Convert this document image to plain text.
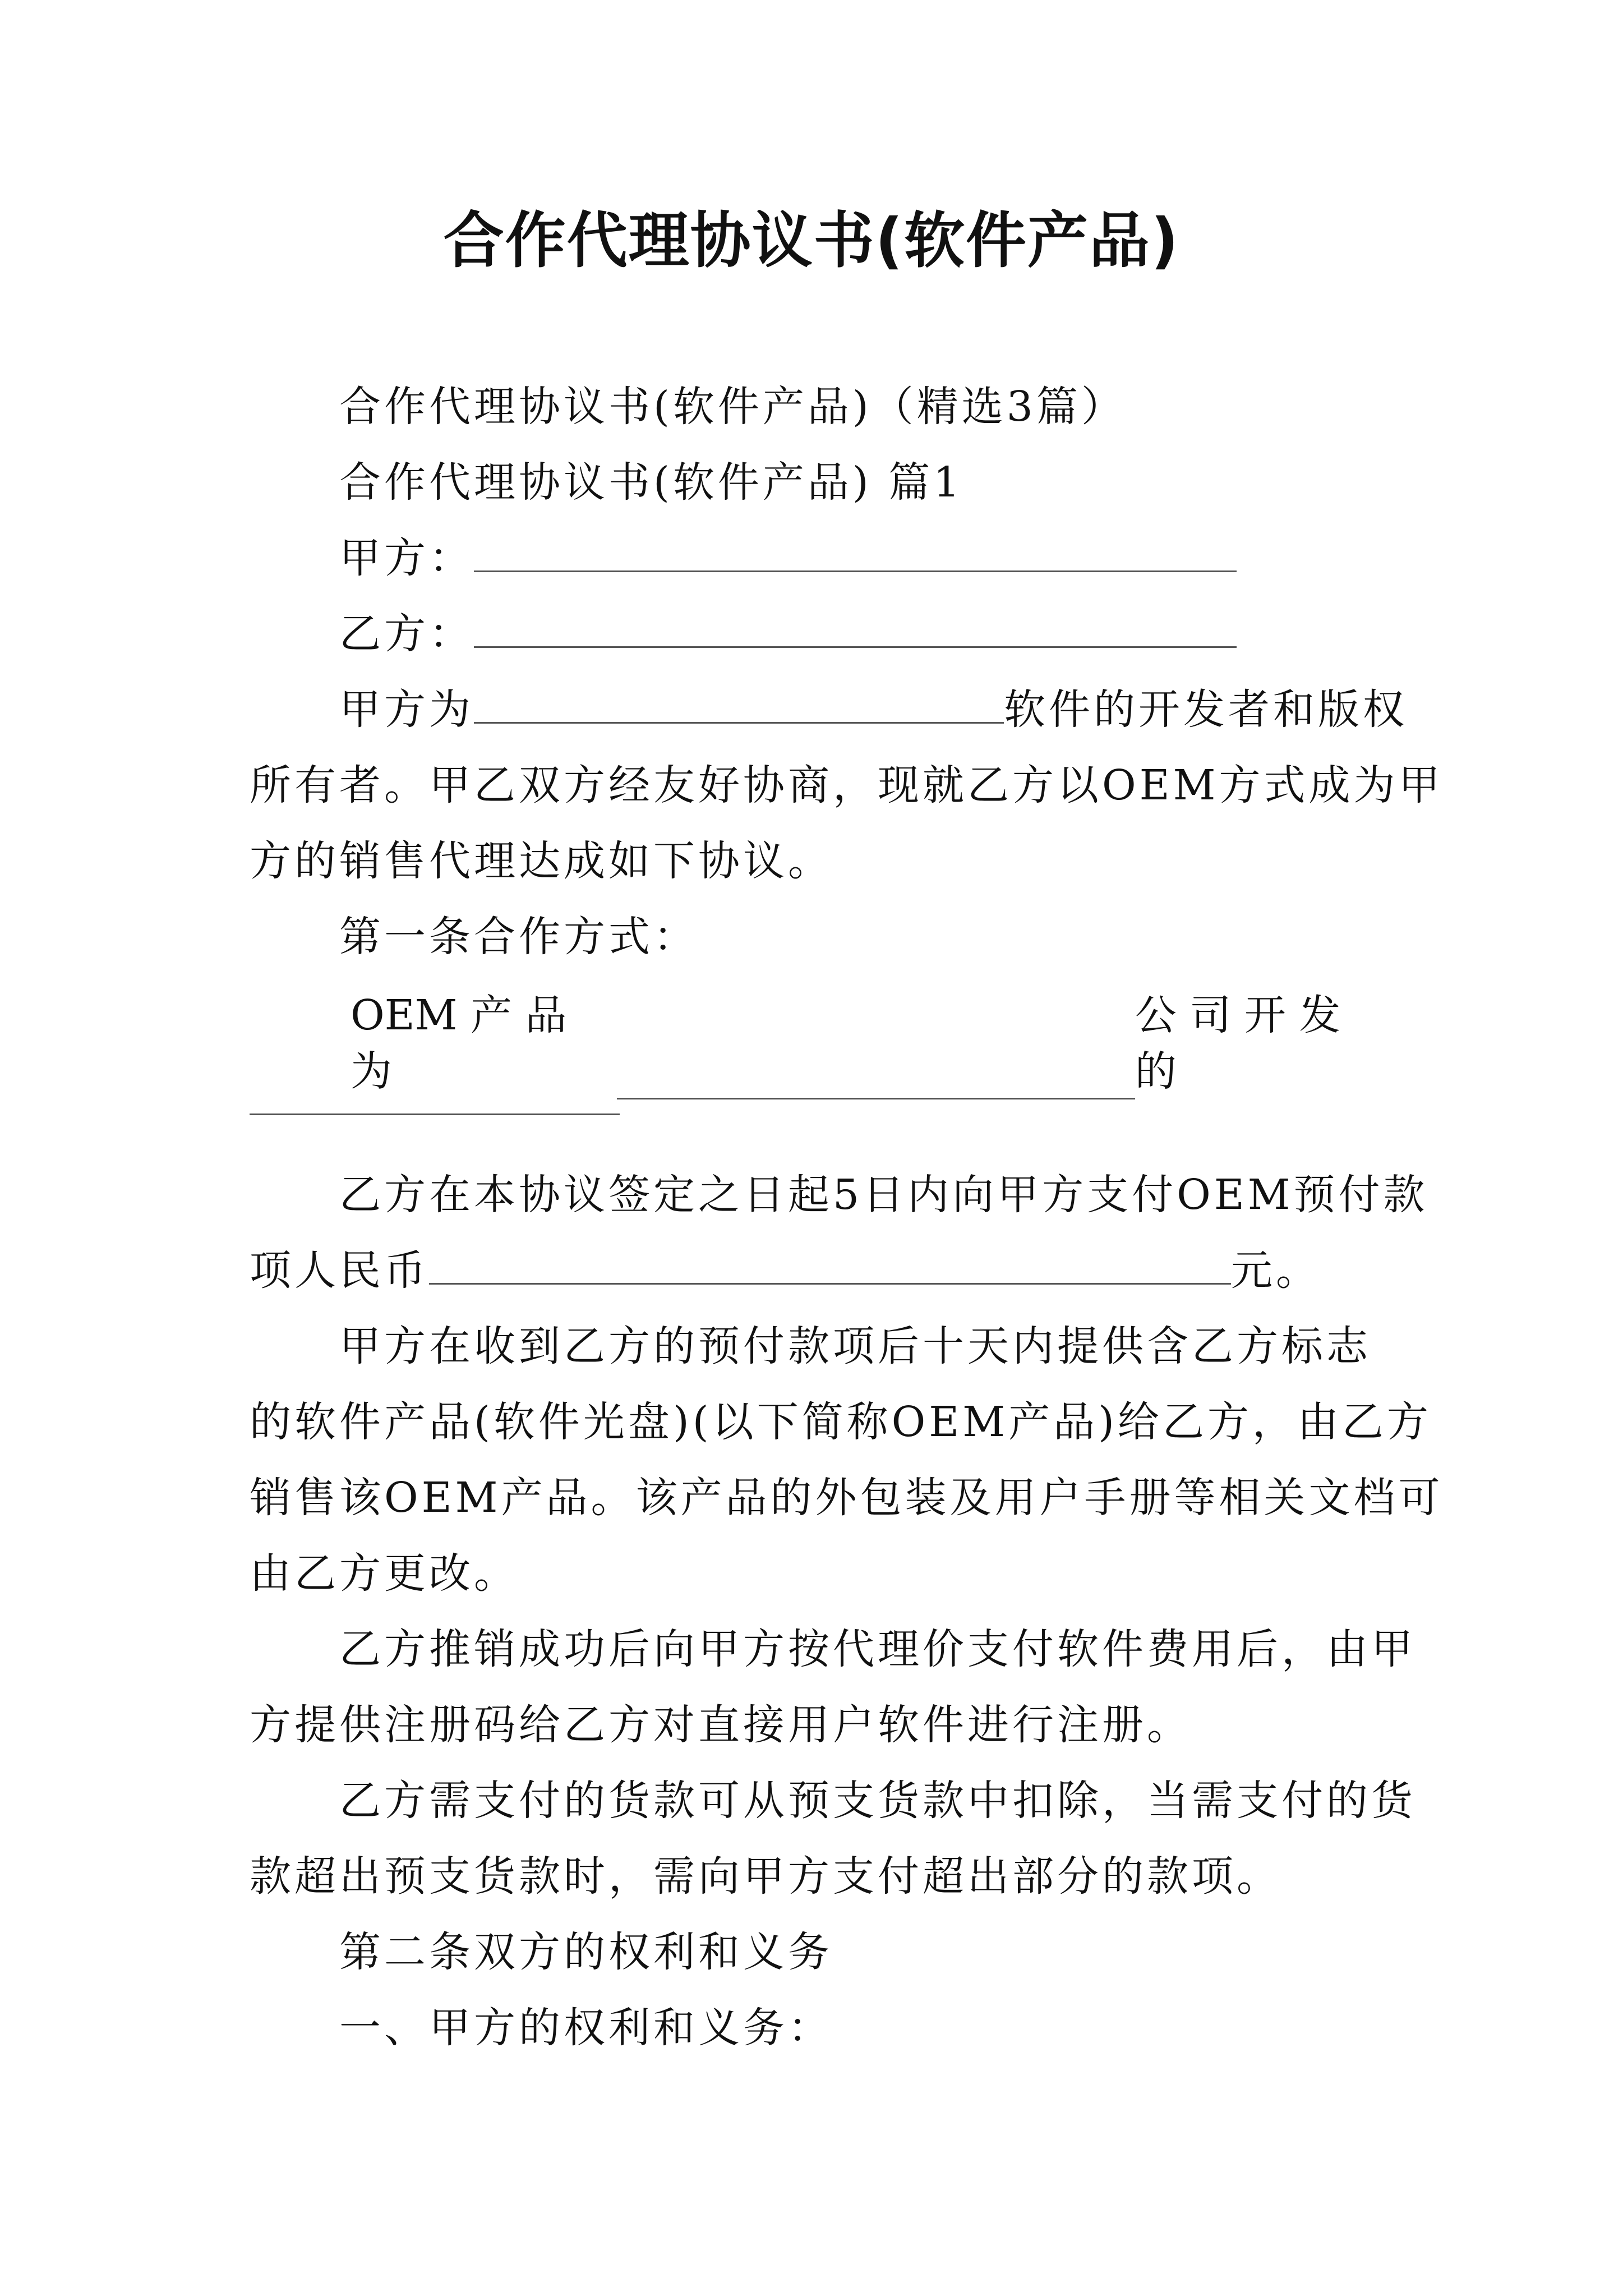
合作代理协议书(软件产品)
合作代理协议书(软件产品)（精选3篇）
合作代理协议书(软件产品) 篇1
甲方：
乙方：
甲方为	软件的开发者和版权
所有者。甲乙双方经友好协商，现就乙方以OEM方式成为甲
方的销售代理达成如下协议。
第一条合作方式：
OEM 产 品 为
公 司 开 发 的
乙方在本协议签定之日起5日内向甲方支付OEM预付款
项人民币	元。
甲方在收到乙方的预付款项后十天内提供含乙方标志
的软件产品(软件光盘)(以下简称OEM产品)给乙方，由乙方
销售该OEM产品。该产品的外包装及用户手册等相关文档可
由乙方更改。
乙方推销成功后向甲方按代理价支付软件费用后，由甲
方提供注册码给乙方对直接用户软件进行注册。
乙方需支付的货款可从预支货款中扣除，当需支付的货
款超出预支货款时，需向甲方支付超出部分的款项。
第二条双方的权利和义务
一、甲方的权利和义务：
